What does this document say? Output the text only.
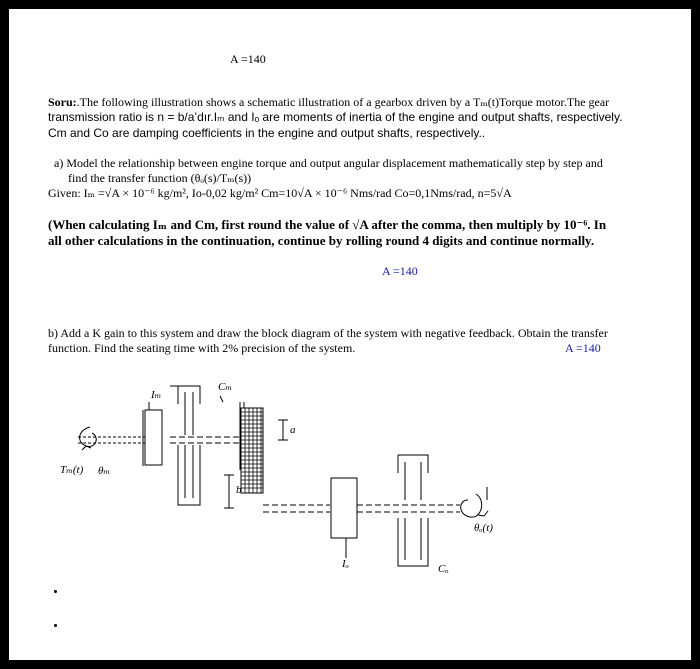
A =140
Soru:.The following illustration shows a schematic illustration of a gearbox driven by a Tₘ(t)Torque motor.The gear
transmission ratio is n = b/a’dır.Iₘ and Iₒ are moments of inertia of the engine and output shafts, respectively.
Cm and Co are damping coefficients in the engine and output shafts, respectively..
a) Model the relationship between engine torque and output angular displacement mathematically step by step and
find the transfer function (θₒ(s)/Tₘ(s))
Given: Iₘ =√A × 10⁻⁶ kg/m², Io-0,02 kg/m² Cm=10√A × 10⁻⁶ Nms/rad Co=0,1Nms/rad, n=5√A
(When calculating Iₘ and Cm, first round the value of √A after the comma, then multiply by 10⁻⁶. In
all other calculations in the continuation, continue by rolling round 4 digits and continue normally.
A =140
b) Add a K gain to this system and draw the block diagram of the system with negative feedback. Obtain the transfer
function. Find the seating time with 2% precision of the system.	A =140
Iₘ
Cₘ
a
b
Tₘ(t) θₘ
Iₒ	Cₒ
θₒ(t)
